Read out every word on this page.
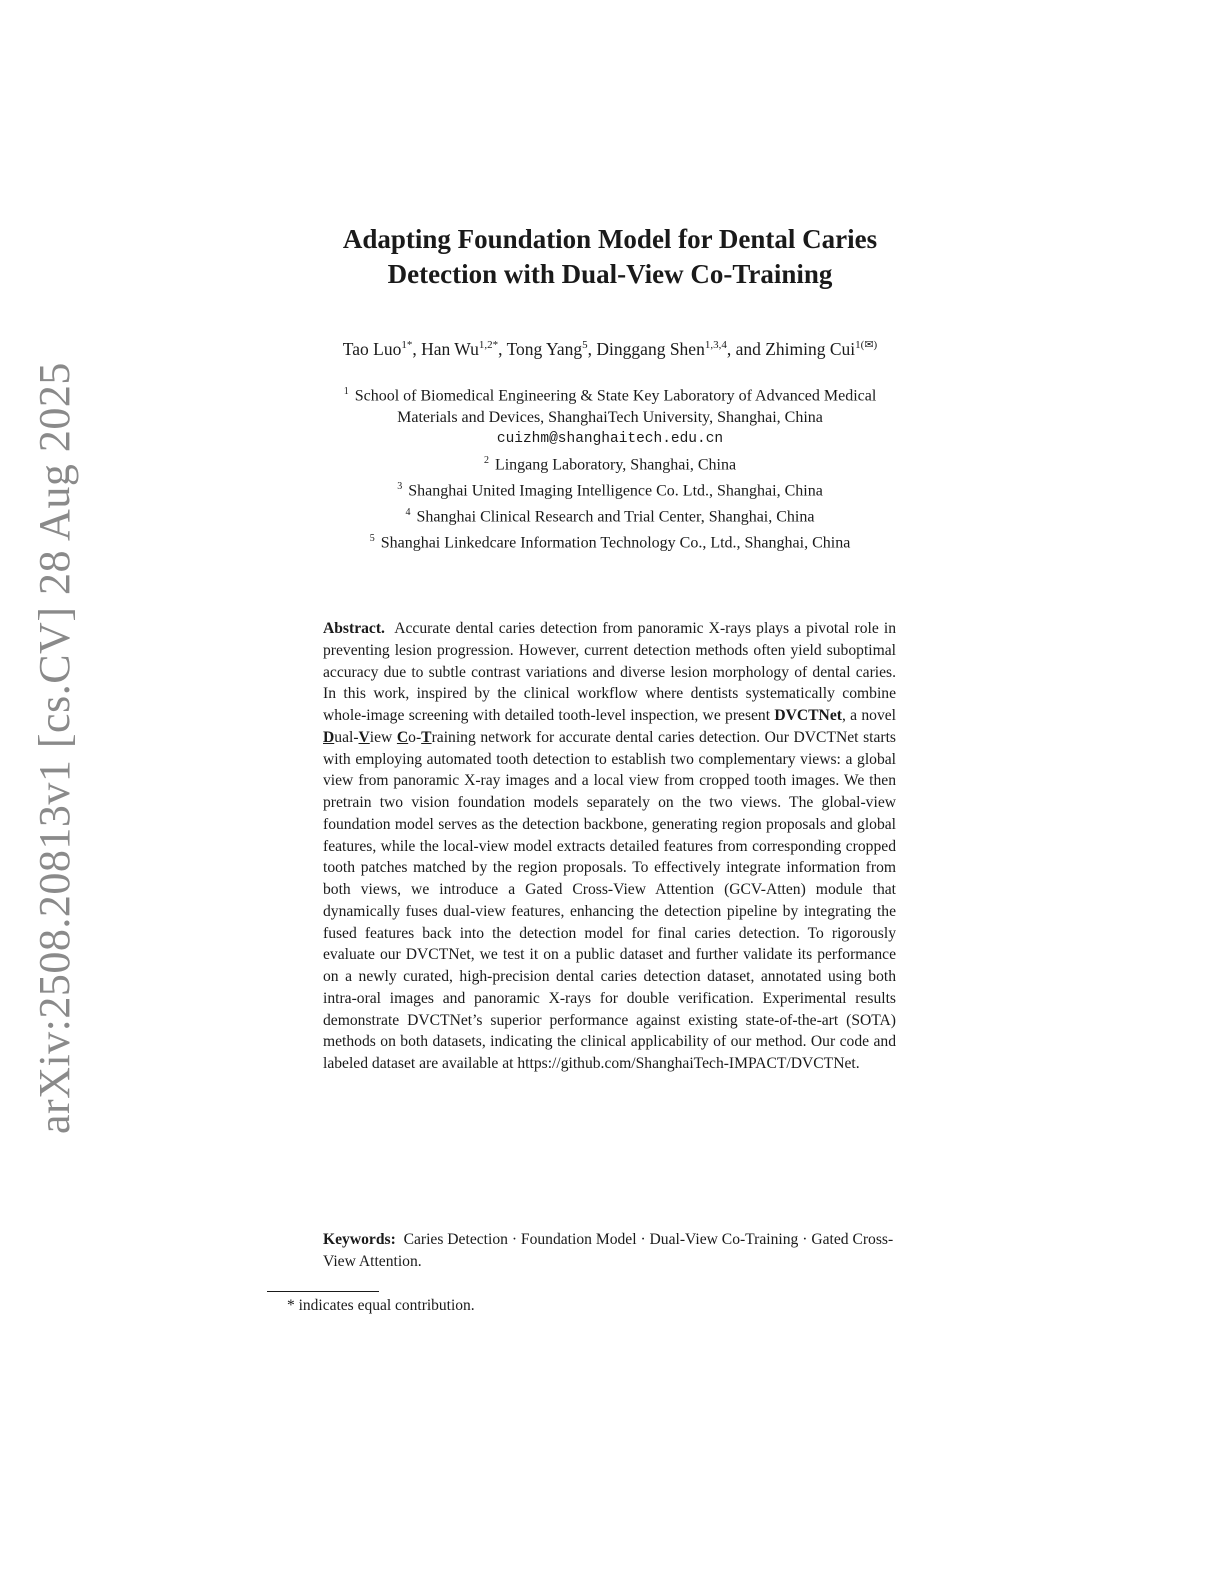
arXiv:2508.20813v1 [cs.CV] 28 Aug 2025
Adapting Foundation Model for Dental Caries
Detection with Dual-View Co-Training
Tao Luo$^{1*}$, Han $Wu^{1,2*}$, Tong Yang$^5$, Dinggang Shen$^{1,3,4}$, and Zhiming Cui$^{1(✉)}$
$^1$ School of Biomedical Engineering & State Key Laboratory of Advanced Medical
Materials and Devices, ShanghaiTech University, Shanghai, China
cuizhm@shanghaitech.edu.cn
$^2$ Lingang Laboratory, Shanghai, China
$^3$ Shanghai United Imaging Intelligence Co. Ltd., Shanghai, China
$^4$ Shanghai Clinical Research and Trial Center, Shanghai, China
$^5$ Shanghai Linkedcare Information Technology Co., Ltd., Shanghai, China
Abstract. Accurate dental caries detection from panoramic X-rays plays a pivotal role in preventing lesion progression. However, current detection methods often yield suboptimal accuracy due to subtle contrast variations and diverse lesion morphology of dental caries. In this work, inspired by the clinical workflow where dentists systematically combine whole-image screening with detailed tooth-level inspection, we present DVCTNet, a novel Dual-View Co-Training network for accurate dental caries detection. Our DVCTNet starts with employing automated tooth detection to establish two complementary views: a global view from panoramic X-ray images and a local view from cropped tooth images. We then pretrain two vision foundation models separately on the two views. The global-view foundation model serves as the detection backbone, generating region proposals and global features, while the local-view model extracts detailed features from corresponding cropped tooth patches matched by the region proposals. To effectively integrate information from both views, we introduce a Gated Cross-View Attention (GCV-Atten) module that dynamically fuses dual-view features, enhancing the detection pipeline by integrating the fused features back into the detection model for final caries detection. To rigorously evaluate our DVCTNet, we test it on a public dataset and further validate its performance on a newly curated, high-precision dental caries detection dataset, annotated using both intra-oral images and panoramic X-rays for double verification. Experimental results demonstrate DVCTNet’s superior performance against existing state-of-the-art (SOTA) methods on both datasets, indicating the clinical applicability of our method. Our code and labeled dataset are available at https://github.com/ShanghaiTech-IMPACT/DVCTNet.
Keywords: Caries Detection · Foundation Model · Dual-View Co-Training · Gated Cross-View Attention.
* indicates equal contribution.
